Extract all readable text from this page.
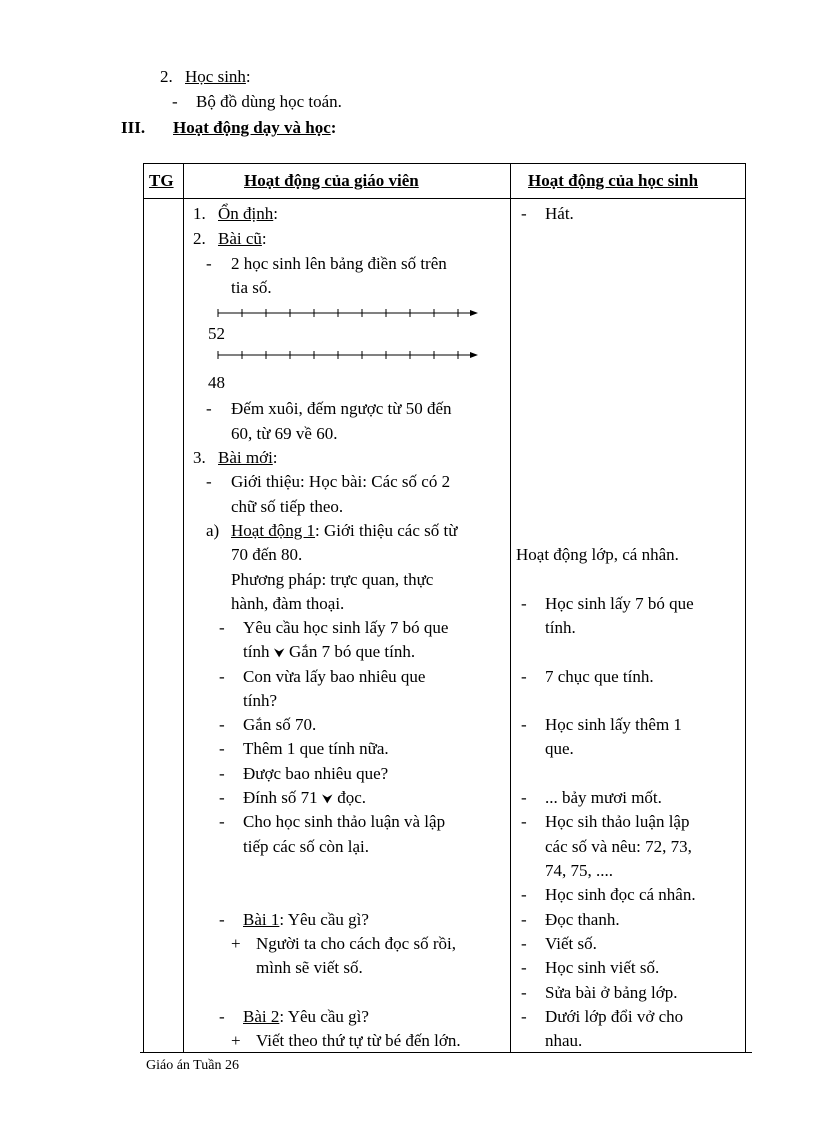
2. Học sinh:
- Bộ đồ dùng học toán.
III. Hoạt động dạy và học:
TG	Hoạt động của giáo viên	Hoạt động của học sinh
1. Ổn định:
2. Bài cũ:
- 2 học sinh lên bảng điền số trên
tia số.
52
48
- Đếm xuôi, đếm ngược từ 50 đến
60, từ 69 về 60.
3. Bài mới:
- Giới thiệu: Học bài: Các số có 2
chữ số tiếp theo.
a) Hoạt động 1: Giới thiệu các số từ
70 đến 80.
Phương pháp: trực quan, thực
hành, đàm thoại.
- Yêu cầu học sinh lấy 7 bó que
tính ⮟ Gắn 7 bó que tính.
- Con vừa lấy bao nhiêu que
tính?
- Gắn số 70.
- Thêm 1 que tính nữa.
- Được bao nhiêu que?
- Đính số 71 ⮟ đọc.
- Cho học sinh thảo luận và lập
tiếp các số còn lại.
- Bài 1: Yêu cầu gì?
+ Người ta cho cách đọc số rồi,
mình sẽ viết số.
- Bài 2: Yêu cầu gì?
+ Viết theo thứ tự từ bé đến lớn.
- Hát.
Hoạt động lớp, cá nhân.
- Học sinh lấy 7 bó que
tính.
- 7 chục que tính.
- Học sinh lấy thêm 1
que.
- ... bảy mươi mốt.
- Học sih thảo luận lập
các số và nêu: 72, 73,
74, 75, ....
- Học sinh đọc cá nhân.
- Đọc thanh.
- Viết số.
- Học sinh viết số.
- Sửa bài ở bảng lớp.
- Dưới lớp đổi vở cho
nhau.
Giáo án Tuần 26
